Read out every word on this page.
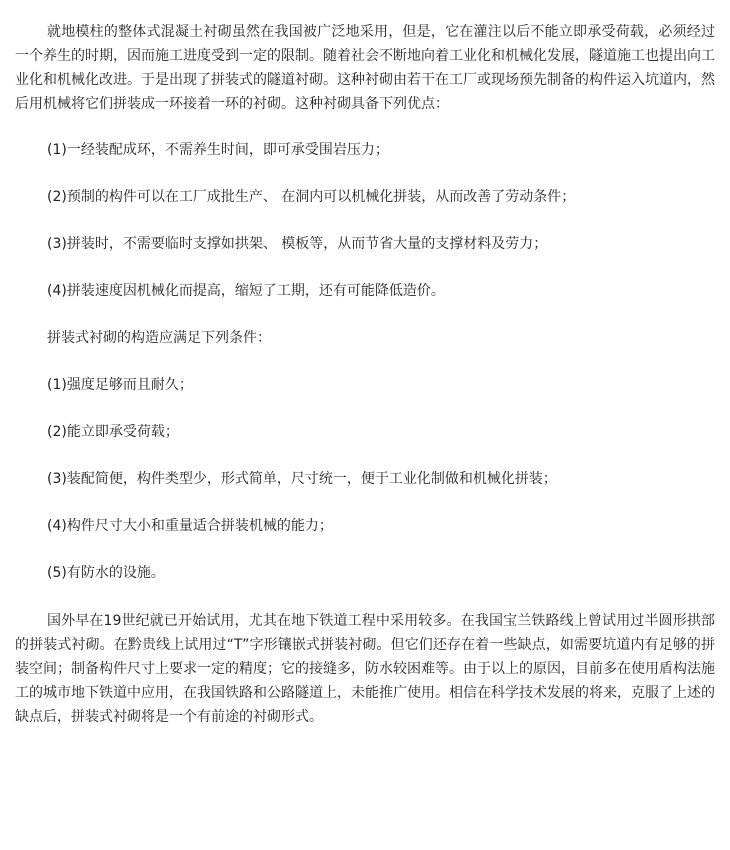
就地模柱的整体式混凝土衬砌虽然在我国被广泛地采用，但是，它在灌注以后不能立即承受荷载，必须经过一个养生的时期，因而施工进度受到一定的限制。随着社会不断地向着工业化和机械化发展，隧道施工也提出向工业化和机械化改进。于是出现了拼装式的隧道衬砌。这种衬砌由若干在工厂或现场预先制备的构件运入坑道内，然后用机械将它们拼装成一环接着一环的衬砌。这种衬砌具备下列优点：

(1)一经装配成环，不需养生时间，即可承受围岩压力；

(2)预制的构件可以在工厂成批生产、 在洞内可以机械化拼装，从而改善了劳动条件；

(3)拼装时，不需要临时支撑如拱架、 模板等，从而节省大量的支撑材料及劳力；

(4)拼装速度因机械化而提高，缩短了工期，还有可能降低造价。

拼装式衬砌的构造应满足下列条件：

(1)强度足够而且耐久；

(2)能立即承受荷载；

(3)装配简便，构件类型少，形式简单，尺寸统一，便于工业化制做和机械化拼装；

(4)构件尺寸大小和重量适合拼装机械的能力；

(5)有防水的设施。

国外早在19世纪就已开始试用，尤其在地下铁道工程中采用较多。在我国宝兰铁路线上曾试用过半圆形拱部的拼装式衬砌。在黔贵线上试用过“T”字形镶嵌式拼装衬砌。但它们还存在着一些缺点，如需要坑道内有足够的拼装空间；制备构件尺寸上要求一定的精度；它的接缝多，防水较困难等。由于以上的原因，目前多在使用盾构法施工的城市地下铁道中应用，在我国铁路和公路隧道上，未能推广使用。相信在科学技术发展的将来，克服了上述的缺点后，拼装式衬砌将是一个有前途的衬砌形式。
